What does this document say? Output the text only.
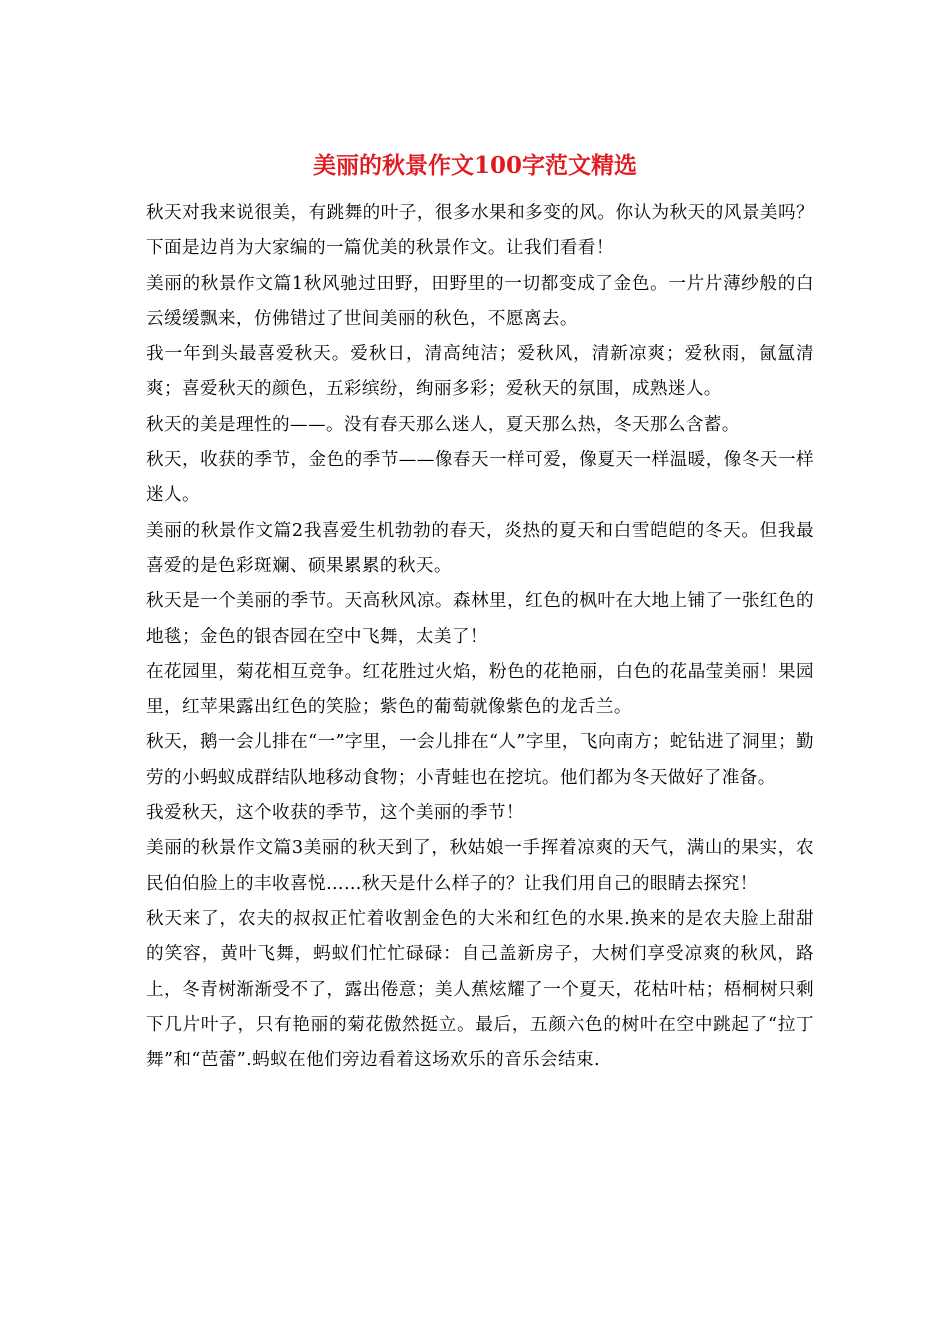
美丽的秋景作文100字范文精选

秋天对我来说很美，有跳舞的叶子，很多水果和多变的风。你认为秋天的风景美吗？下面是边肖为大家编的一篇优美的秋景作文。让我们看看！

美丽的秋景作文篇1秋风驰过田野，田野里的一切都变成了金色。一片片薄纱般的白云缓缓飘来，仿佛错过了世间美丽的秋色，不愿离去。

我一年到头最喜爱秋天。爱秋日，清高纯洁；爱秋风，清新凉爽；爱秋雨，氤氲清爽；喜爱秋天的颜色，五彩缤纷，绚丽多彩；爱秋天的氛围，成熟迷人。

秋天的美是理性的——。没有春天那么迷人，夏天那么热，冬天那么含蓄。

秋天，收获的季节，金色的季节——像春天一样可爱，像夏天一样温暖，像冬天一样迷人。

美丽的秋景作文篇2我喜爱生机勃勃的春天，炎热的夏天和白雪皑皑的冬天。但我最喜爱的是色彩斑斓、硕果累累的秋天。

秋天是一个美丽的季节。天高秋风凉。森林里，红色的枫叶在大地上铺了一张红色的地毯；金色的银杏园在空中飞舞，太美了！

在花园里，菊花相互竞争。红花胜过火焰，粉色的花艳丽，白色的花晶莹美丽！果园里，红苹果露出红色的笑脸；紫色的葡萄就像紫色的龙舌兰。

秋天，鹅一会儿排在“一”字里，一会儿排在“人”字里，飞向南方；蛇钻进了洞里；勤劳的小蚂蚁成群结队地移动食物；小青蛙也在挖坑。他们都为冬天做好了准备。

我爱秋天，这个收获的季节，这个美丽的季节！

美丽的秋景作文篇3美丽的秋天到了，秋姑娘一手挥着凉爽的天气，满山的果实，农民伯伯脸上的丰收喜悦……秋天是什么样子的？让我们用自己的眼睛去探究！

秋天来了，农夫的叔叔正忙着收割金色的大米和红色的水果.换来的是农夫脸上甜甜的笑容，黄叶飞舞，蚂蚁们忙忙碌碌：自己盖新房子，大树们享受凉爽的秋风，路上，冬青树渐渐受不了，露出倦意；美人蕉炫耀了一个夏天，花枯叶枯；梧桐树只剩下几片叶子，只有艳丽的菊花傲然挺立。最后，五颜六色的树叶在空中跳起了“拉丁舞”和“芭蕾”.蚂蚁在他们旁边看着这场欢乐的音乐会结束.
